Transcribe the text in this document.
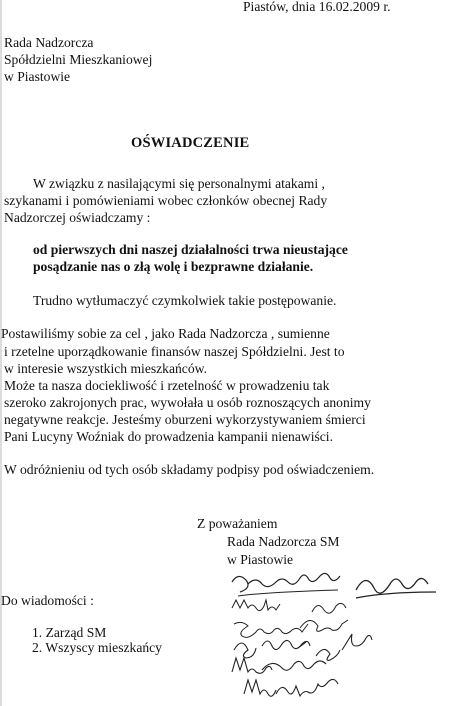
Piastów, dnia 16.02.2009 r.
Rada Nadzorcza
Spółdzielni Mieszkaniowej
w Piastowie
OŚWIADCZENIE
W związku z nasilającymi się personalnymi atakami ,
szykanami i pomówieniami wobec członków obecnej Rady
Nadzorczej oświadczamy :
od pierwszych dni naszej działalności trwa nieustające
posądzanie nas o złą wolę i bezprawne działanie.
Trudno wytłumaczyć czymkolwiek takie postępowanie.
Postawiliśmy sobie za cel , jako Rada Nadzorcza , sumienne
i rzetelne uporządkowanie finansów naszej Spółdzielni. Jest to
w interesie wszystkich mieszkańców.
Może ta nasza dociekliwość i rzetelność w prowadzeniu tak
szeroko zakrojonych prac, wywołała u osób roznoszących anonimy
negatywne reakcje. Jesteśmy oburzeni wykorzystywaniem śmierci
Pani Lucyny Woźniak do prowadzenia kampanii nienawiści.
W odróżnieniu od tych osób składamy podpisy pod oświadczeniem.
Z poważaniem
Rada Nadzorcza SM
w Piastowie
Do wiadomości :
1. Zarząd SM
2. Wszyscy mieszkańcy
